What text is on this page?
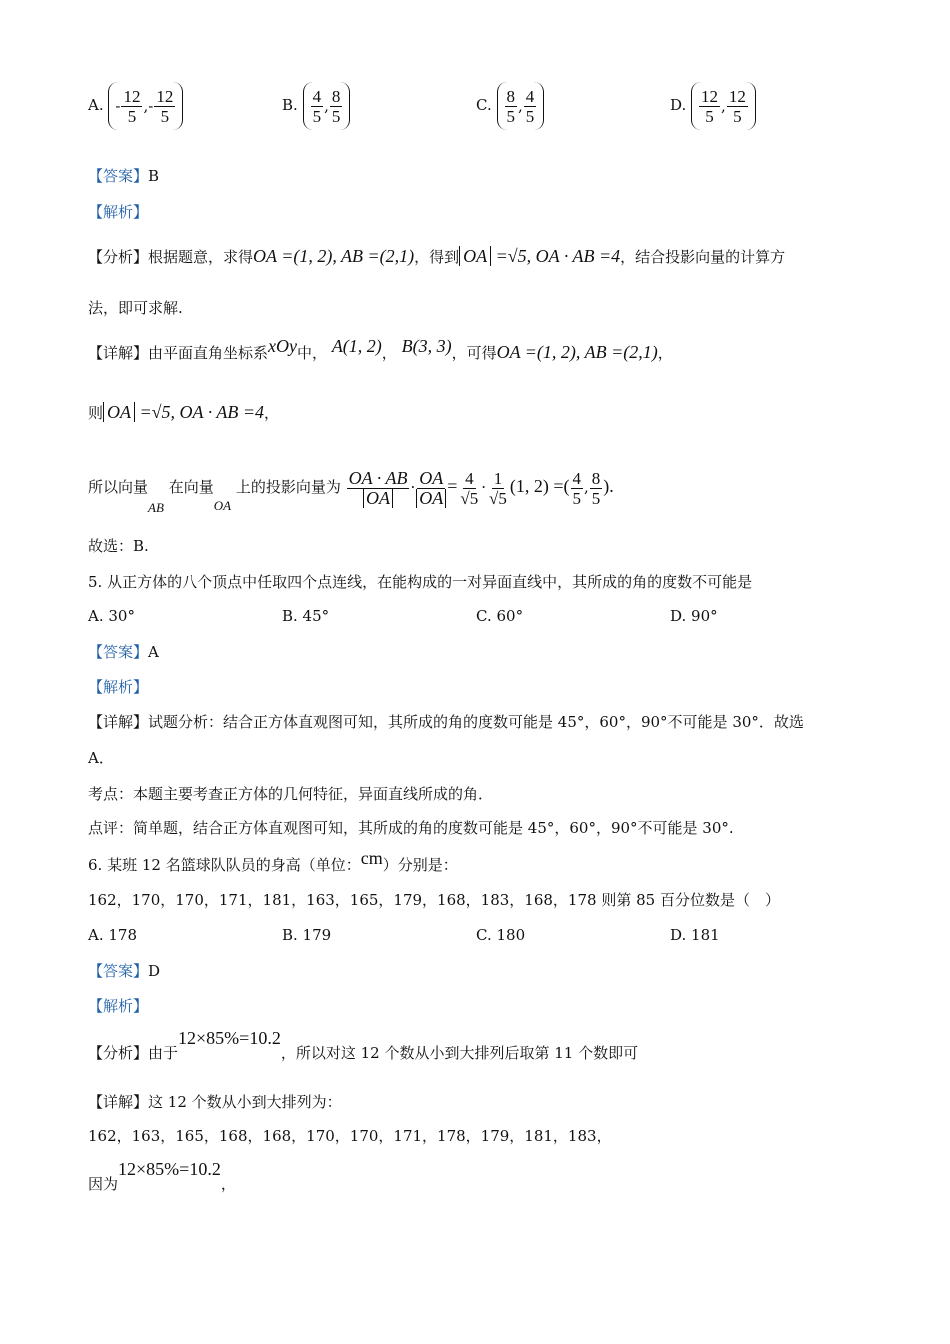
A. - $\frac{12}{5}$ , - $\frac{12}{5}$	B. $\frac{4}{5}$ , $\frac{8}{5}$	C. $\frac{8}{5}$ , $\frac{4}{5}$	D. $\frac{12}{5}$ , $\frac{12}{5}$
【答案】B
【解析】
【分析】根据题意，求得OA =(1, 2), AB =(2,1)，得到 OA =√5, OA · AB =4，结合投影向量的计算方
法，即可求解.
【详解】由平面直角坐标系xOy中， A(1, 2)， B(3, 3)，可得OA =(1, 2), AB =(2,1)，
则 OA =√5, OA · AB =4，
所以向量AB 在向量OA 上的投影向量为 $\frac{OA \cdot AB}{OA} \cdot \frac{OA}{OA} = \frac{4}{√5} \cdot \frac{1}{√5} (1$, 2) =( $\frac{4}{5}$ , $\frac{8}{5}$ ).
故选：B.
5. 从正方体的八个顶点中任取四个点连线，在能构成的一对异面直线中，其所成的角的度数不可能是
A. 30°	B. 45°	C. 60°	D. 90°
【答案】A
【解析】
【详解】试题分析：结合正方体直观图可知，其所成的角的度数可能是 45°，60°，90°不可能是 30°．故选
A．
考点：本题主要考查正方体的几何特征，异面直线所成的角．
点评：简单题，结合正方体直观图可知，其所成的角的度数可能是 45°，60°，90°不可能是 30°.
6. 某班 12 名篮球队队员的身高（单位：cm）分别是：
162，170，170，171，181，163，165，179，168，183，168，178 则第 85 百分位数是（　）
A. 178	B. 179	C. 180	D. 181
【答案】D
【解析】
【分析】由于12×85%=10.2，所以对这 12 个数从小到大排列后取第 11 个数即可
【详解】这 12 个数从小到大排列为：
162，163，165，168，168，170，170，171，178，179，181，183，
因为12×85%=10.2，
